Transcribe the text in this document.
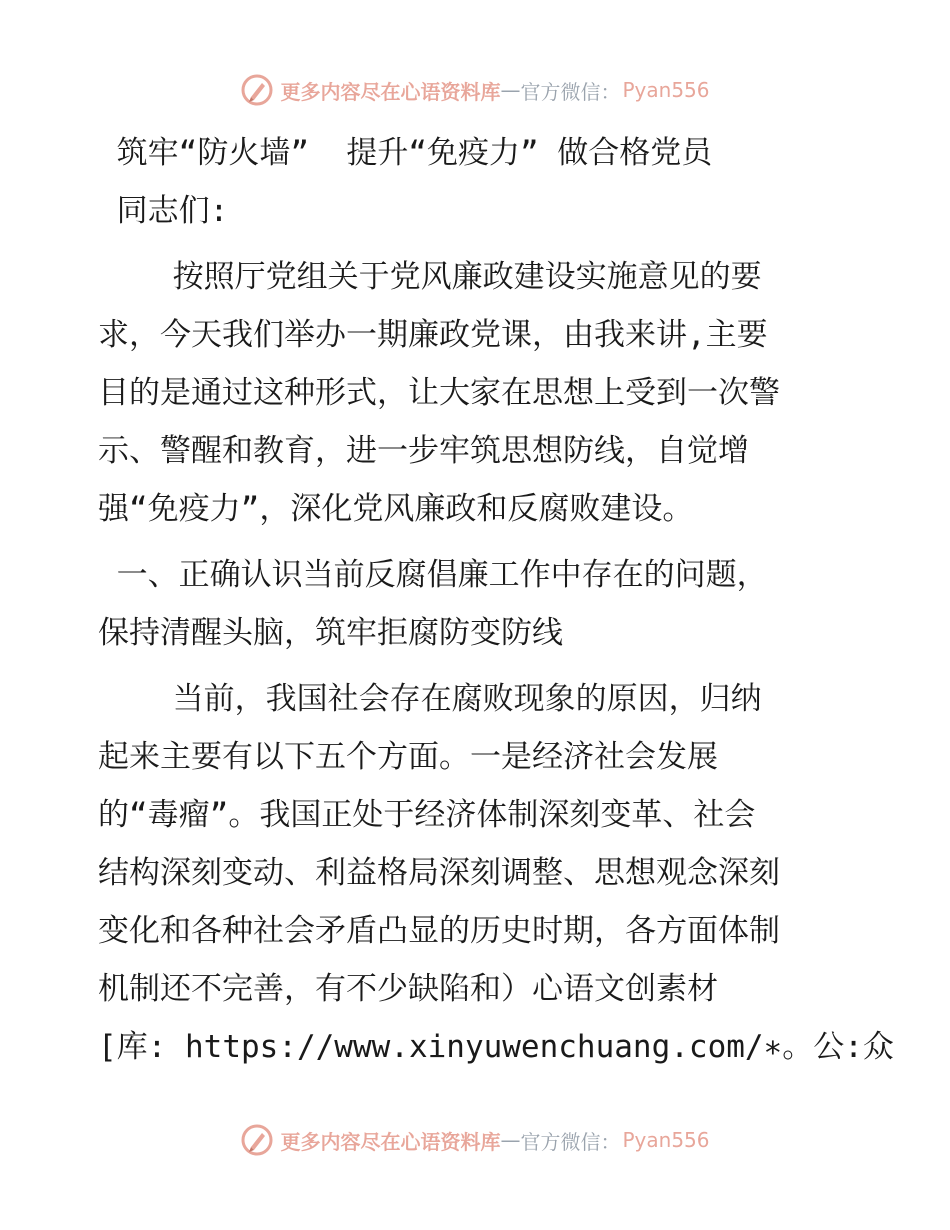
更多内容尽在心语资料库 — 官方微信： Pyan556
筑牢“防火墙”  提升“免疫力” 做合格党员
同志们:
按照厅党组关于党风廉政建设实施意见的要
求，今天我们举办一期廉政党课，由我来讲,主要
目的是通过这种形式，让大家在思想上受到一次警
示、警醒和教育，进一步牢筑思想防线，自觉增
强“免疫力”，深化党风廉政和反腐败建设。
一、正确认识当前反腐倡廉工作中存在的问题，
保持清醒头脑，筑牢拒腐防变防线
当前，我国社会存在腐败现象的原因，归纳
起来主要有以下五个方面。一是经济社会发展
的“毒瘤”。我国正处于经济体制深刻变革、社会
结构深刻变动、利益格局深刻调整、思想观念深刻
变化和各种社会矛盾凸显的历史时期，各方面体制
机制还不完善，有不少缺陷和）心语文创素材
[库: https://www.xinyuwenchuang.com/∗。公:众
更多内容尽在心语资料库 — 官方微信： Pyan556
